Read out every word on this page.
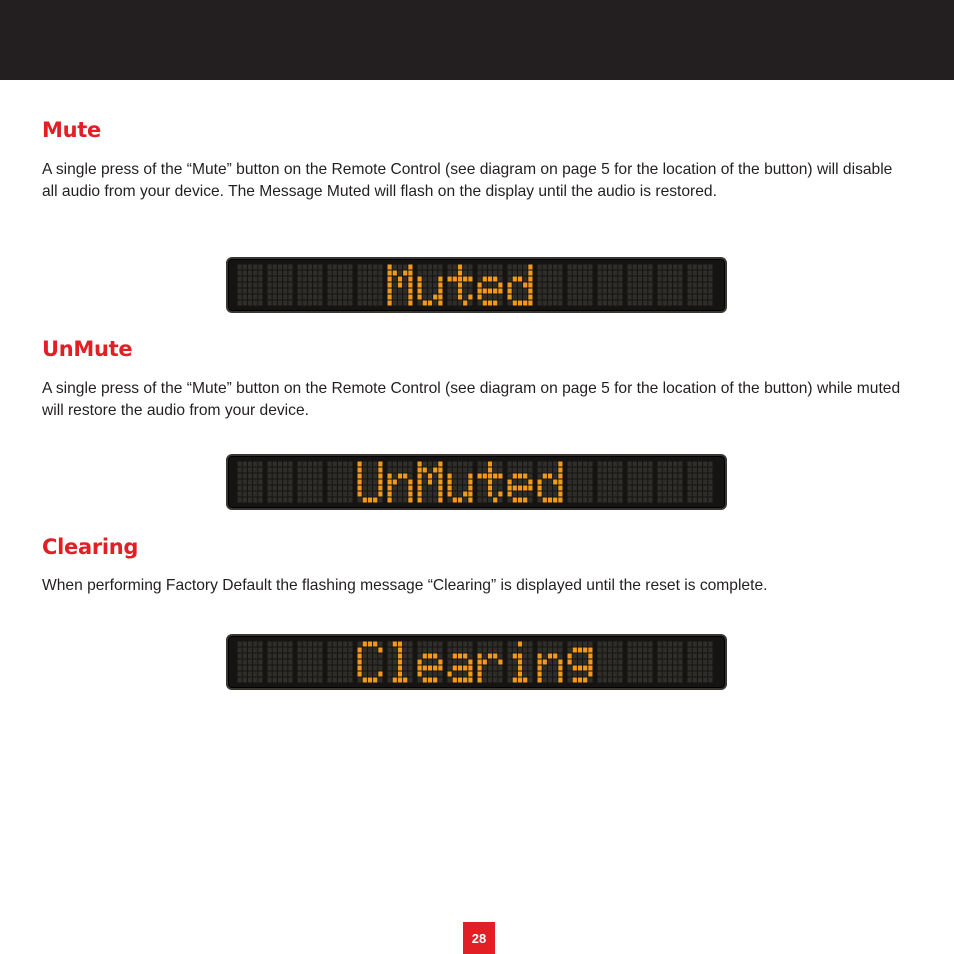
Mute

A single press of the “Mute” button on the Remote Control (see diagram on page 5 for the location of the button) will disable all audio from your device. The Message Muted will flash on the display until the audio is restored.

UnMute

A single press of the “Mute” button on the Remote Control (see diagram on page 5 for the location of the button) while muted will restore the audio from your device.

Clearing

When performing Factory Default the flashing message “Clearing” is displayed until the reset is complete.

28
